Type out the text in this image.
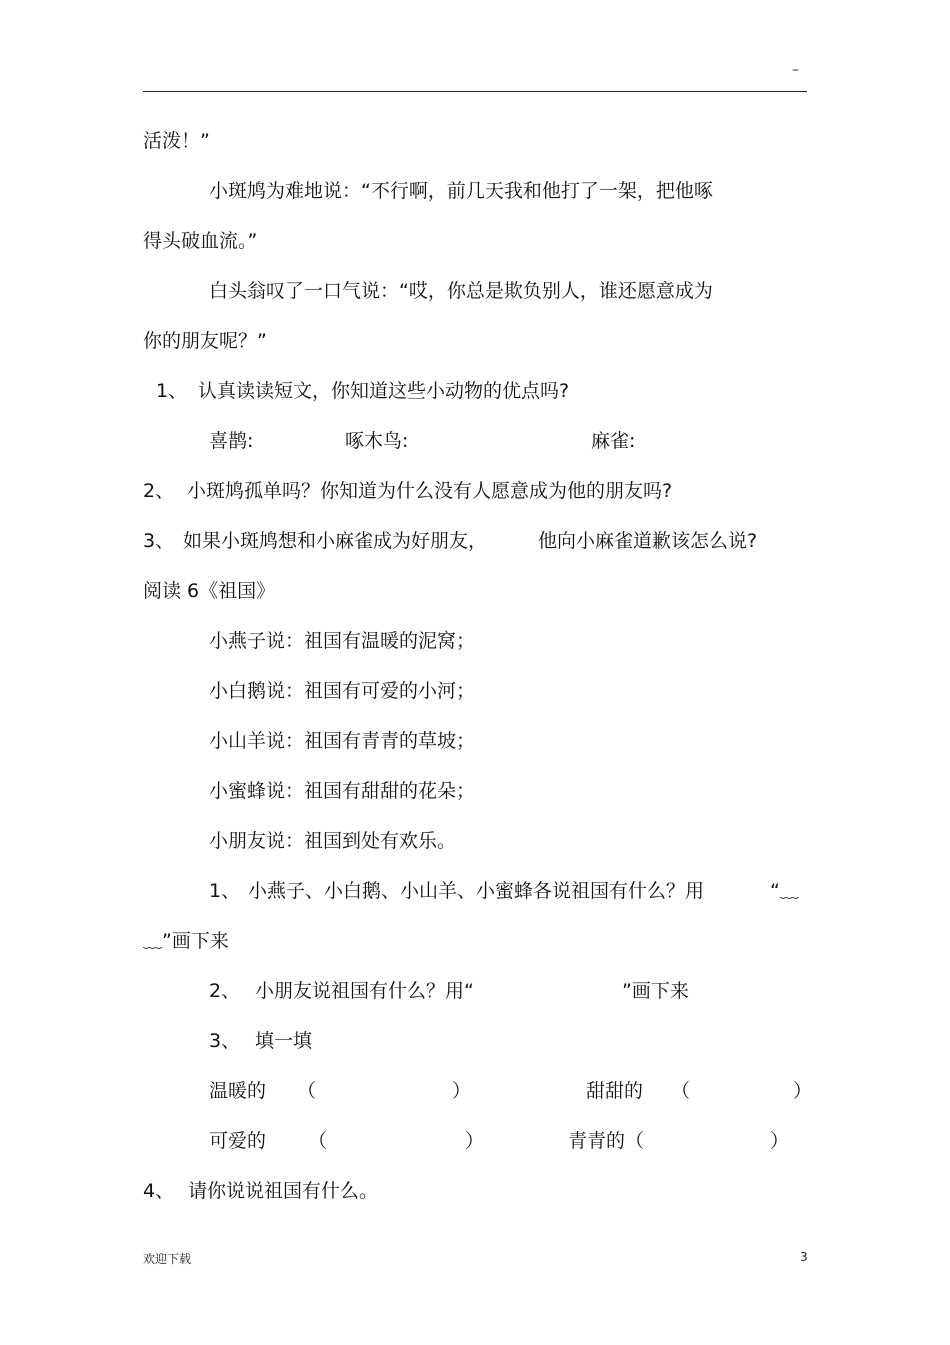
–
活泼！”
小斑鸠为难地说：“不行啊，前几天我和他打了一架，把他啄
得头破血流。”
白头翁叹了一口气说：“哎，你总是欺负别人，谁还愿意成为
你的朋友呢？”
1、 认真读读短文，你知道这些小动物的优点吗?
喜鹊:	啄木鸟:	麻雀:
2、 小斑鸠孤单吗？你知道为什么没有人愿意成为他的朋友吗?
3、 如果小斑鸠想和小麻雀成为好朋友，	他向小麻雀道歉该怎么说?
阅读 6《祖国》
小燕子说：祖国有温暖的泥窝；
小白鹅说：祖国有可爱的小河；
小山羊说：祖国有青青的草坡；
小蜜蜂说：祖国有甜甜的花朵；
小朋友说：祖国到处有欢乐。
1、 小燕子、小白鹅、小山羊、小蜜蜂各说祖国有什么？用	“﹏
﹏”画下来
2、 小朋友说祖国有什么？用“	”画下来
3、 填一填
温暖的 （	）	甜甜的 （	）
可爱的 （	）	青青的（	）
4、 请你说说祖国有什么。
欢迎下载	3
